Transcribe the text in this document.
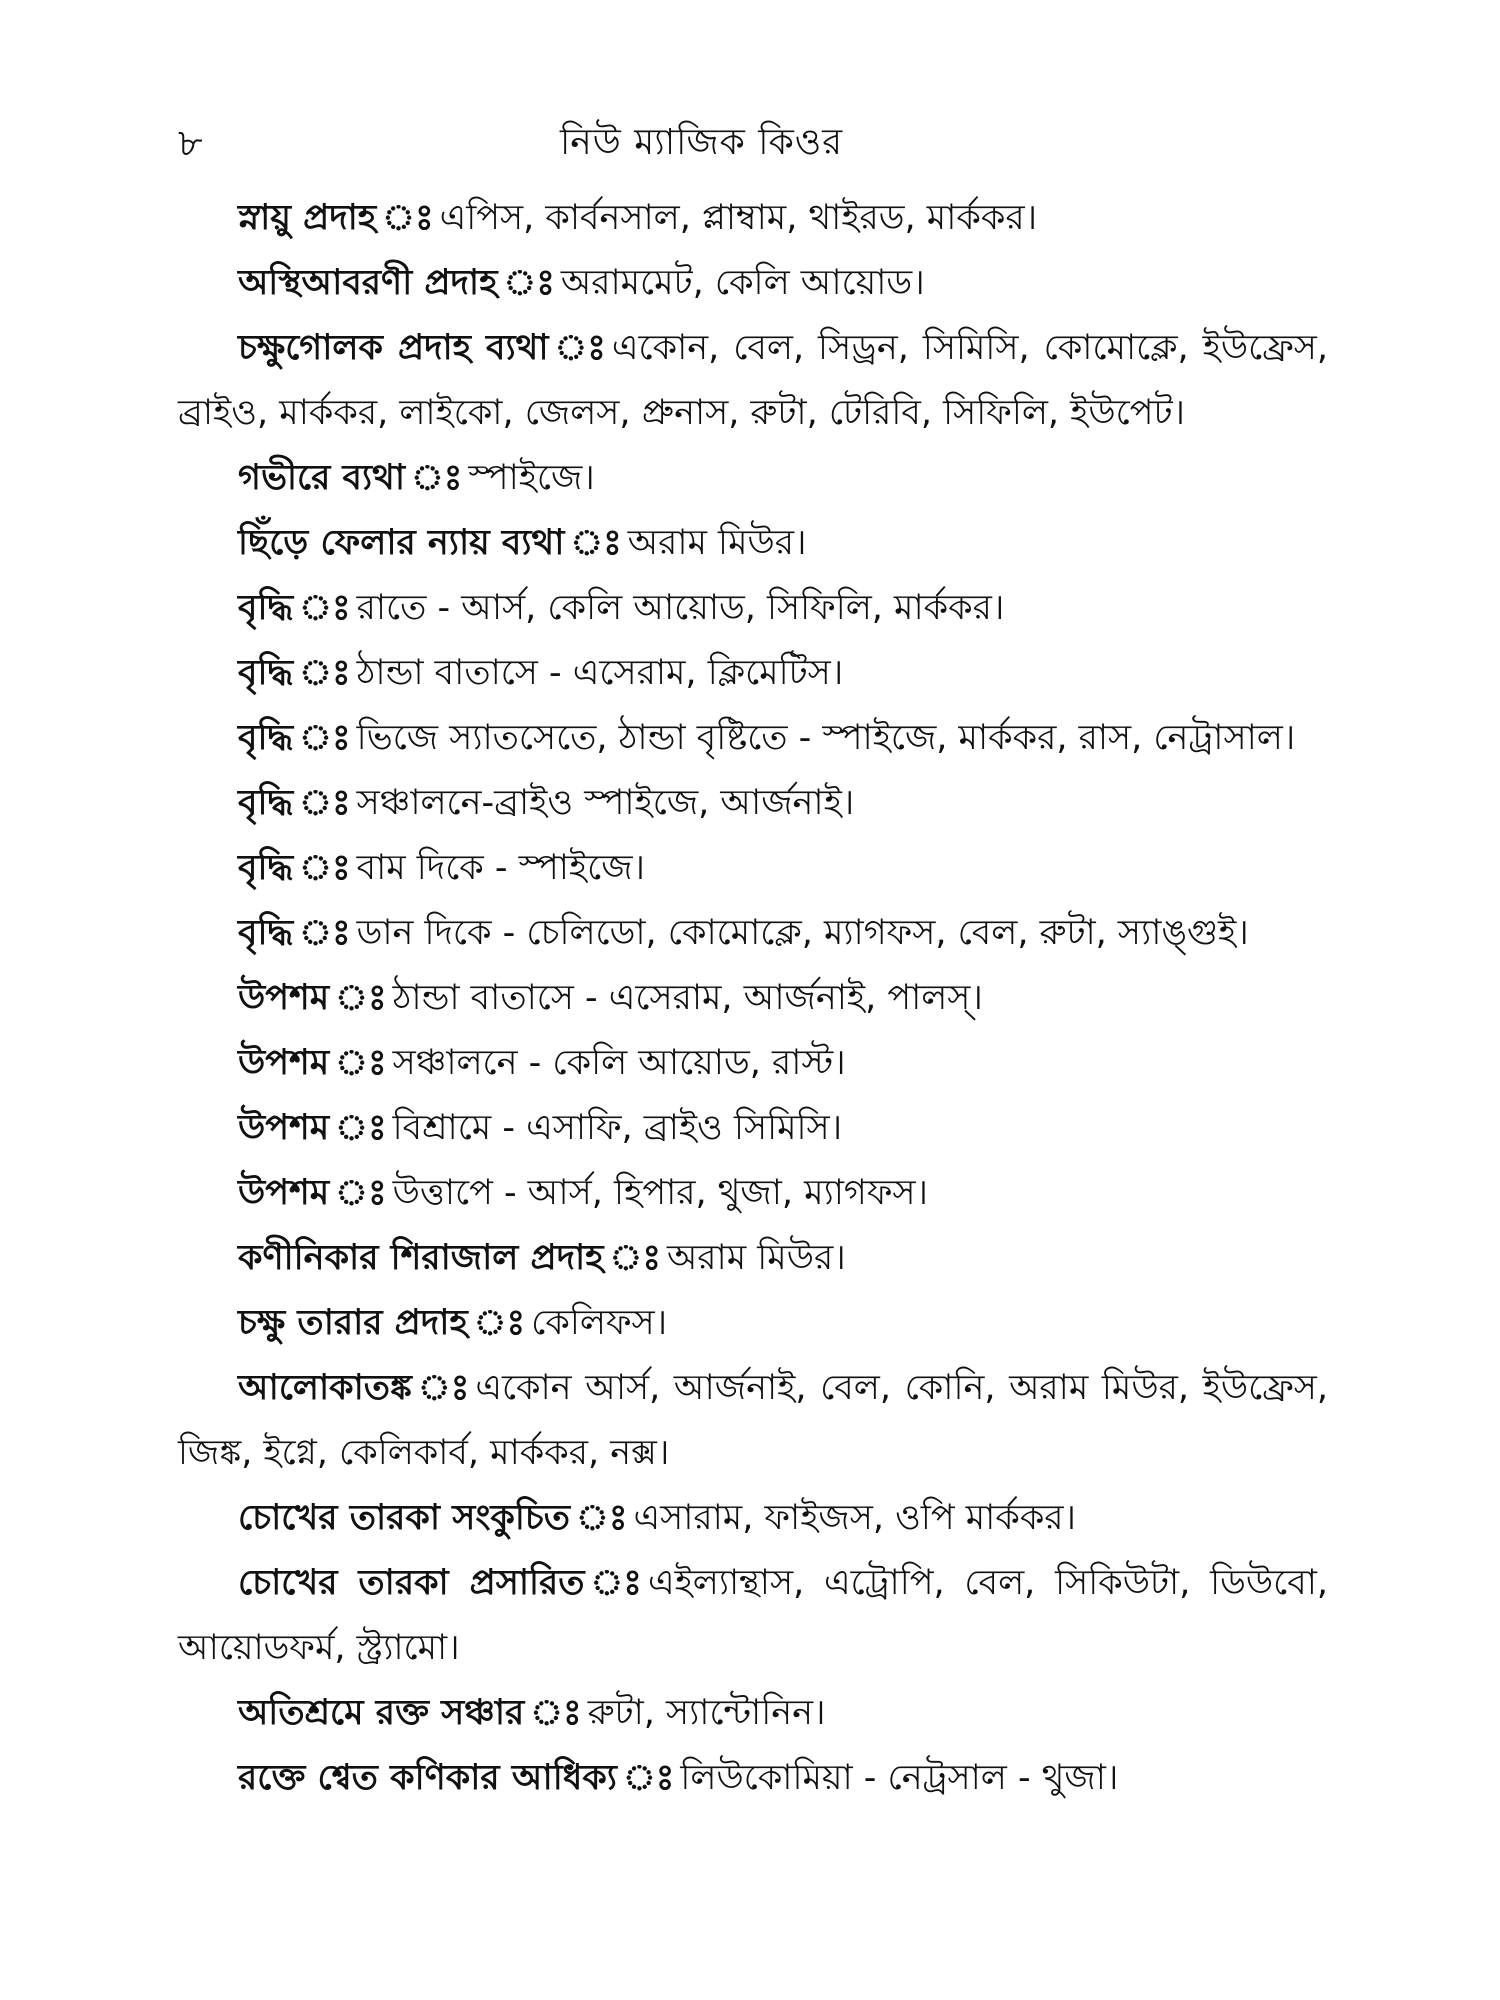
৮	নিউ ম্যাজিক কিওর

স্নায়ু প্রদাহ ঃ এপিস, কার্বনসাল, প্লাম্বাম, থাইরড, মার্ককর।

অস্থিআবরণী প্রদাহ ঃ অরামমেট, কেলি আয়োড।

চক্ষুগোলক প্রদাহ ব্যথা ঃ একোন, বেল, সিড্রন, সিমিসি, কোমোক্লে, ইউফ্রেস, ব্রাইও, মার্ককর, লাইকো, জেলস, প্রুনাস, রুটা, টেরিবি, সিফিলি, ইউপেট।

গভীরে ব্যথা ঃ স্পাইজে।

ছিঁড়ে ফেলার ন্যায় ব্যথা ঃ অরাম মিউর।

বৃদ্ধি ঃ রাতে - আর্স, কেলি আয়োড, সিফিলি, মার্ককর।

বৃদ্ধি ঃ ঠান্ডা বাতাসে - এসেরাম, ক্লিমেটিস।

বৃদ্ধি ঃ ভিজে স্যাতসেতে, ঠান্ডা বৃষ্টিতে - স্পাইজে, মার্ককর, রাস, নেট্রাসাল।

বৃদ্ধি ঃ সঞ্চালনে-ব্রাইও স্পাইজে, আর্জনাই।

বৃদ্ধি ঃ বাম দিকে - স্পাইজে।

বৃদ্ধি ঃ ডান দিকে - চেলিডো, কোমোক্লে, ম্যাগফস, বেল, রুটা, স্যাঙ্গুই।

উপশম ঃ ঠান্ডা বাতাসে - এসেরাম, আর্জনাই, পালস্।

উপশম ঃ সঞ্চালনে - কেলি আয়োড, রাস্ট।

উপশম ঃ বিশ্রামে - এসাফি, ব্রাইও সিমিসি।

উপশম ঃ উত্তাপে - আর্স, হিপার, থুজা, ম্যাগফস।

কণীনিকার শিরাজাল প্রদাহ ঃ অরাম মিউর।

চক্ষু তারার প্রদাহ ঃ কেলিফস।

আলোকাতঙ্ক ঃ একোন আর্স, আর্জনাই, বেল, কোনি, অরাম মিউর, ইউফ্রেস, জিঙ্ক, ইগ্নে, কেলিকার্ব, মার্ককর, নক্স।

চোখের তারকা সংকুচিত ঃ এসারাম, ফাইজস, ওপি মার্ককর।

চোখের তারকা প্রসারিত ঃ এইল্যান্থাস, এট্রোপি, বেল, সিকিউটা, ডিউবো, আয়োডফর্ম, স্ট্র্যামো।

অতিশ্রমে রক্ত সঞ্চার ঃ রুটা, স্যান্টোনিন।

রক্তে শ্বেত কণিকার আধিক্য ঃ লিউকোমিয়া - নেট্রসাল - থুজা।
